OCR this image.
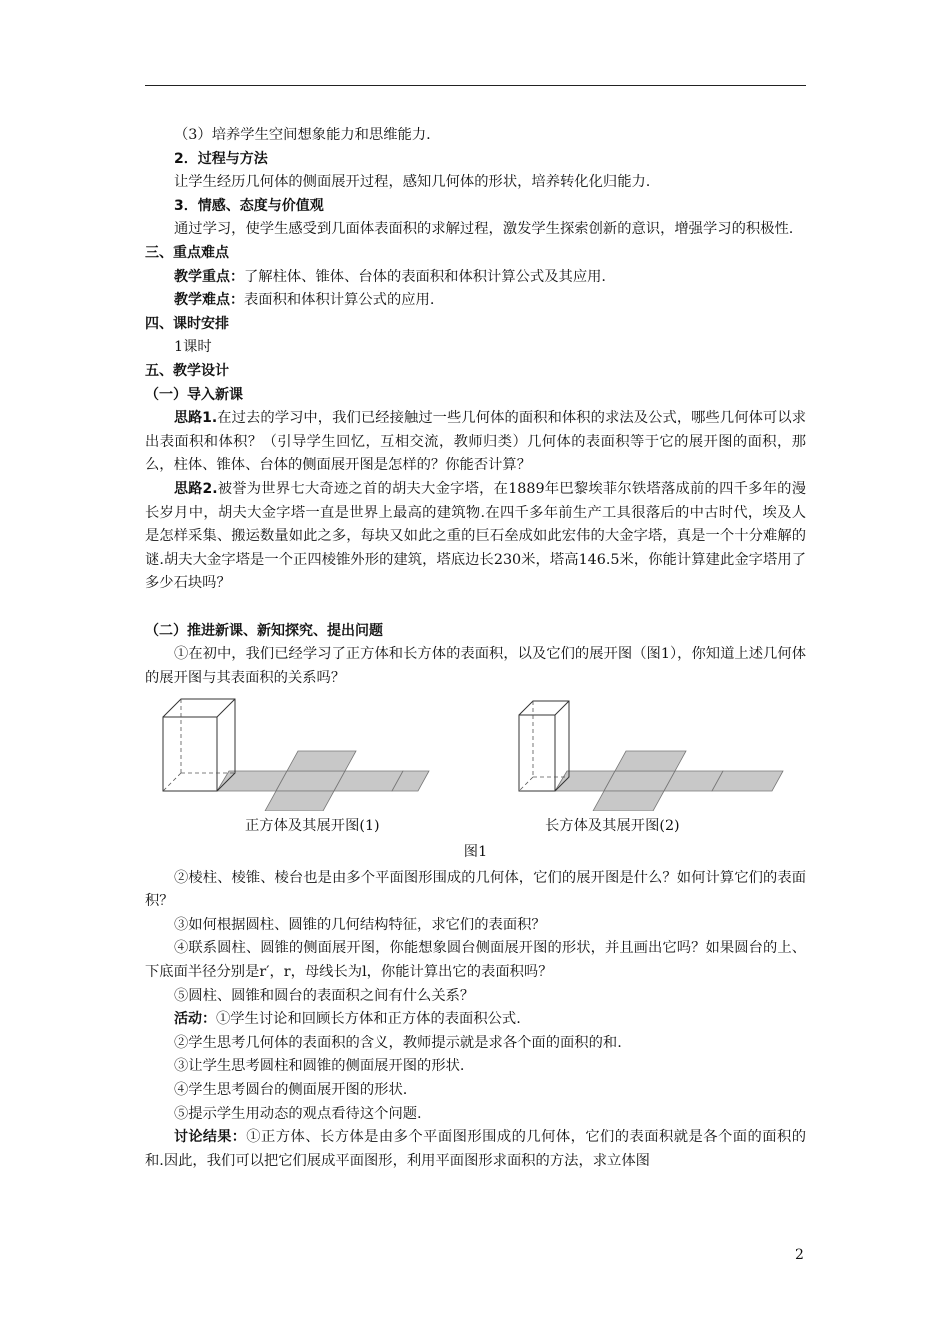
（3）培养学生空间想象能力和思维能力.

2．过程与方法

让学生经历几何体的侧面展开过程，感知几何体的形状，培养转化化归能力.

3．情感、态度与价值观

通过学习，使学生感受到几面体表面积的求解过程，激发学生探索创新的意识，增强学习的积极性.

三、重点难点

教学重点：了解柱体、锥体、台体的表面积和体积计算公式及其应用.

教学难点：表面积和体积计算公式的应用.

四、课时安排

1课时

五、教学设计

（一）导入新课

思路1.在过去的学习中，我们已经接触过一些几何体的面积和体积的求法及公式，哪些几何体可以求出表面积和体积？（引导学生回忆，互相交流，教师归类）几何体的表面积等于它的展开图的面积，那么，柱体、锥体、台体的侧面展开图是怎样的？你能否计算？

思路2.被誉为世界七大奇迹之首的胡夫大金字塔，在1889年巴黎埃菲尔铁塔落成前的四千多年的漫长岁月中，胡夫大金字塔一直是世界上最高的建筑物.在四千多年前生产工具很落后的中古时代，埃及人是怎样采集、搬运数量如此之多，每块又如此之重的巨石垒成如此宏伟的大金字塔，真是一个十分难解的谜.胡夫大金字塔是一个正四棱锥外形的建筑，塔底边长230米，塔高146.5米，你能计算建此金字塔用了多少石块吗？

（二）推进新课、新知探究、提出问题

①在初中，我们已经学习了正方体和长方体的表面积，以及它们的展开图（图1），你知道上述几何体的展开图与其表面积的关系吗？

正方体及其展开图(1)	长方体及其展开图(2)
图1

②棱柱、棱锥、棱台也是由多个平面图形围成的几何体，它们的展开图是什么？如何计算它们的表面积？

③如何根据圆柱、圆锥的几何结构特征，求它们的表面积？

④联系圆柱、圆锥的侧面展开图，你能想象圆台侧面展开图的形状，并且画出它吗？如果圆台的上、下底面半径分别是r′，r，母线长为l，你能计算出它的表面积吗？

⑤圆柱、圆锥和圆台的表面积之间有什么关系？

活动：①学生讨论和回顾长方体和正方体的表面积公式.

②学生思考几何体的表面积的含义，教师提示就是求各个面的面积的和.

③让学生思考圆柱和圆锥的侧面展开图的形状.

④学生思考圆台的侧面展开图的形状.

⑤提示学生用动态的观点看待这个问题.

讨论结果：①正方体、长方体是由多个平面图形围成的几何体，它们的表面积就是各个面的面积的和.因此，我们可以把它们展成平面图形，利用平面图形求面积的方法，求立体图

2
